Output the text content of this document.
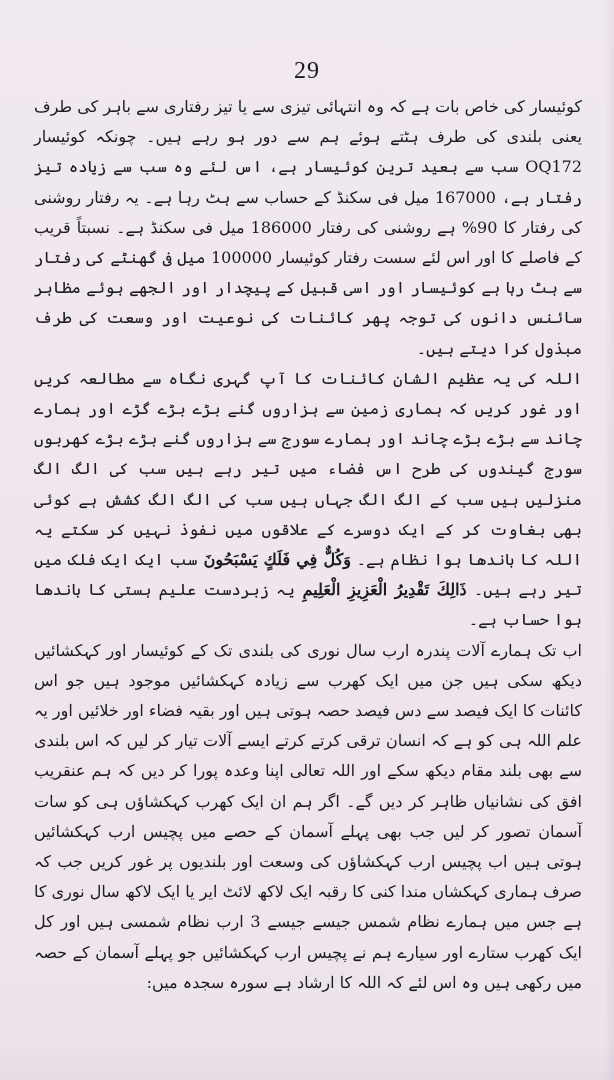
29

کوئیسار کی خاص بات ہے کہ وہ انتہائی تیزی سے یا تیز رفتاری سے باہر کی طرف یعنی بلندی کی طرف ہٹتے ہوئے ہم سے دور ہو رہے ہیں۔ چونکہ کوئیسار OQ172 سب سے بعید ترین کوئیسار ہے، اس لئے وہ سب سے زیادہ تیز رفتار ہے، 167000 میل فی سکنڈ کے حساب سے ہٹ رہا ہے۔ یہ رفتار روشنی کی رفتار کا 90% ہے روشنی کی رفتار 186000 میل فی سکنڈ ہے۔ نسبتاً قریب کے فاصلے کا اور اس لئے سست رفتار کوئیسار 100000 میل فی گھنٹے کی رفتار سے ہٹ رہا ہے کوئیسار اور اسی قبیل کے پیچدار اور الجھے ہوئے مظاہر سائنس دانوں کی توجہ پھر کائنات کی نوعیت اور وسعت کی طرف مبذول کرا دیتے ہیں۔

اللہ کی یہ عظیم الشان کائنات کا آپ گہری نگاہ سے مطالعہ کریں اور غور کریں کہ ہماری زمین سے ہزاروں گنے بڑے بڑے گڑے اور ہمارے چاند سے بڑے بڑے چاند اور ہمارے سورج سے ہزاروں گنے بڑے بڑے کھربوں سورج گیندوں کی طرح اس فضاء میں تیر رہے ہیں سب کی الگ الگ منزلیں ہیں سب کے الگ الگ جہاں ہیں سب کی الگ الگ کشش ہے کوئی بھی بغاوت کر کے ایک دوسرے کے علاقوں میں نفوذ نہیں کر سکتے یہ اللہ کا باندھا ہوا نظام ہے۔ وَكُلٌّ فِي فَلَكٍ يَسْبَحُونَ سب ایک ایک فلک میں تیر رہے ہیں۔ ذَالِكَ تَقْدِيرُ الْعَزِيزِ الْعَلِيمِ یہ زبردست علیم ہستی کا باندھا ہوا حساب ہے۔

اب تک ہمارے آلات پندرہ ارب سال نوری کی بلندی تک کے کوئیسار اور کہکشائیں دیکھ سکی ہیں جن میں ایک کھرب سے زیادہ کہکشائیں موجود ہیں جو اس کائنات کا ایک فیصد سے دس فیصد حصہ ہوتی ہیں اور بقیہ فضاء اور خلائیں اور یہ علم اللہ ہی کو ہے کہ انسان ترقی کرتے کرتے ایسے آلات تیار کر لیں کہ اس بلندی سے بھی بلند مقام دیکھ سکے اور اللہ تعالی اپنا وعدہ پورا کر دیں کہ ہم عنقریب افق کی نشانیاں ظاہر کر دیں گے۔ اگر ہم ان ایک کھرب کہکشاؤں ہی کو سات آسمان تصور کر لیں جب بھی پہلے آسمان کے حصے میں پچیس ارب کہکشائیں ہوتی ہیں اب پچیس ارب کہکشاؤں کی وسعت اور بلندیوں پر غور کریں جب کہ صرف ہماری کہکشاں مندا کنی کا رقبہ ایک لاکھ لائٹ ایر یا ایک لاکھ سال نوری کا ہے جس میں ہمارے نظام شمس جیسے جیسے 3 ارب نظام شمسی ہیں اور کل ایک کھرب ستارے اور سیارے ہم نے پچیس ارب کہکشائیں جو پہلے آسمان کے حصہ میں رکھی ہیں وہ اس لئے کہ اللہ کا ارشاد ہے سورہ سجدہ میں:
